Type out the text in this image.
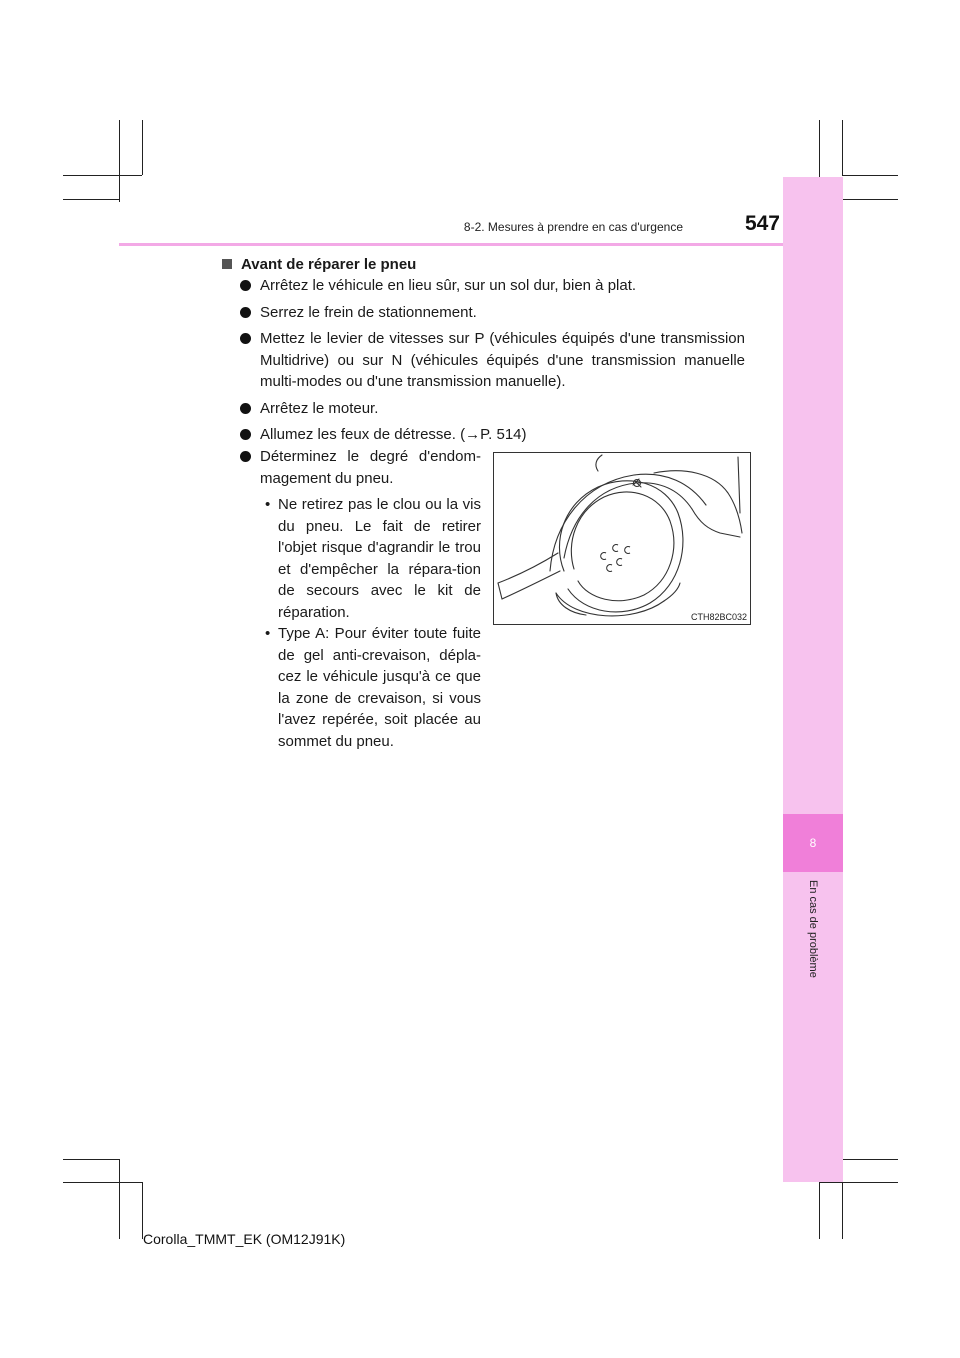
8
En cas de problème
8-2. Mesures à prendre en cas d'urgence	547
Avant de réparer le pneu
Arrêtez le véhicule en lieu sûr, sur un sol dur, bien à plat.
Serrez le frein de stationnement.
Mettez le levier de vitesses sur P (véhicules équipés d'une transmission Multidrive) ou sur N (véhicules équipés d'une transmission manuelle multi-modes ou d'une transmission manuelle).
Arrêtez le moteur.
Allumez les feux de détresse. (→P. 514)
Déterminez le degré d'endom-magement du pneu.
• Ne retirez pas le clou ou la vis du pneu. Le fait de retirer l'objet risque d'agrandir le trou et d'empêcher la répara-tion de secours avec le kit de réparation.
• Type A: Pour éviter toute fuite de gel anti-crevaison, dépla-cez le véhicule jusqu'à ce que la zone de crevaison, si vous l'avez repérée, soit placée au sommet du pneu.
CTH82BC032
Corolla_TMMT_EK (OM12J91K)
